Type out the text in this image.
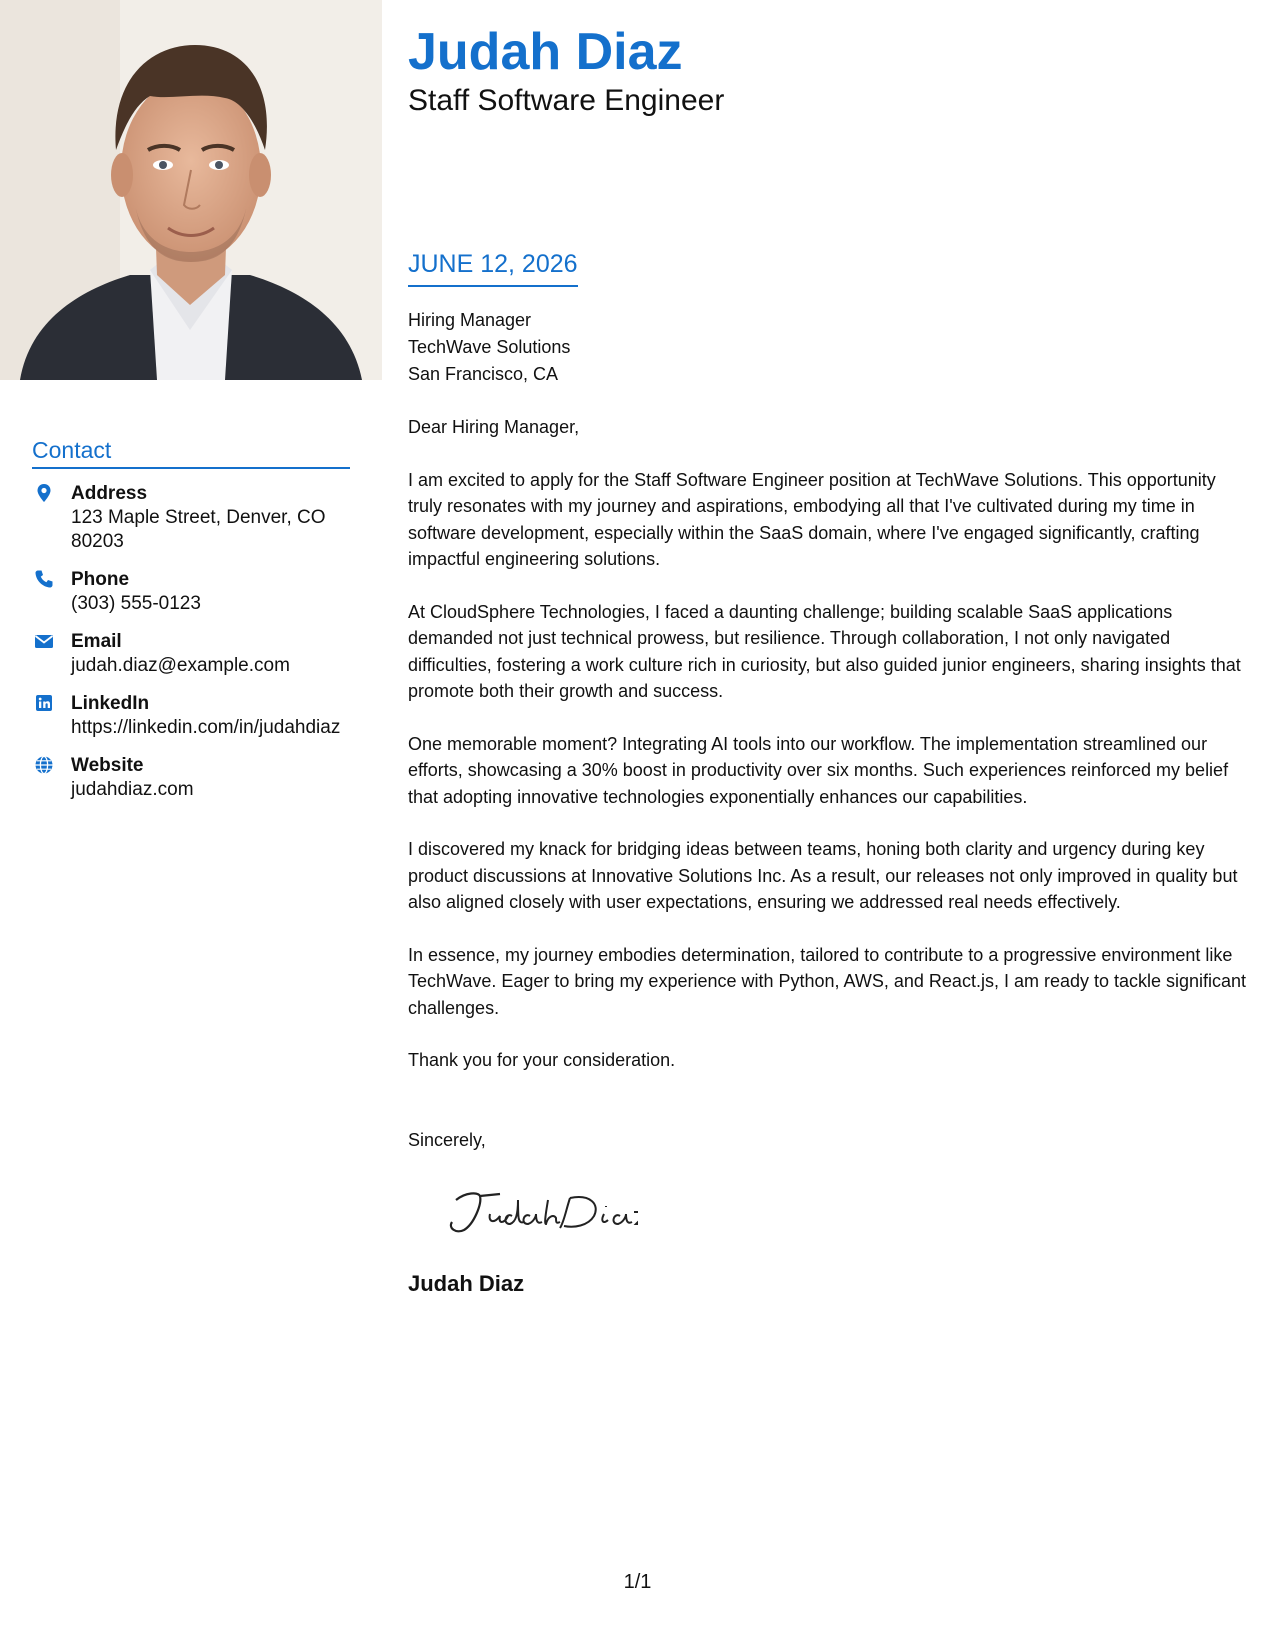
Contact
Address
123 Maple Street, Denver, CO 80203
Phone
(303) 555-0123
Email
judah.diaz@example.com
LinkedIn
https://linkedin.com/in/judahdiaz
Website
judahdiaz.com
Judah Diaz
Staff Software Engineer
JUNE 12, 2026
Hiring Manager
TechWave Solutions
San Francisco, CA

Dear Hiring Manager,

I am excited to apply for the Staff Software Engineer position at TechWave Solutions. This opportunity truly resonates with my journey and aspirations, embodying all that I've cultivated during my time in software development, especially within the SaaS domain, where I've engaged significantly, crafting impactful engineering solutions.

At CloudSphere Technologies, I faced a daunting challenge; building scalable SaaS applications demanded not just technical prowess, but resilience. Through collaboration, I not only navigated difficulties, fostering a work culture rich in curiosity, but also guided junior engineers, sharing insights that promote both their growth and success.

One memorable moment? Integrating AI tools into our workflow. The implementation streamlined our efforts, showcasing a 30% boost in productivity over six months. Such experiences reinforced my belief that adopting innovative technologies exponentially enhances our capabilities.

I discovered my knack for bridging ideas between teams, honing both clarity and urgency during key product discussions at Innovative Solutions Inc. As a result, our releases not only improved in quality but also aligned closely with user expectations, ensuring we addressed real needs effectively.

In essence, my journey embodies determination, tailored to contribute to a progressive environment like TechWave. Eager to bring my experience with Python, AWS, and React.js, I am ready to tackle significant challenges.

Thank you for your consideration.

Sincerely,
Judah Diaz
1/1
